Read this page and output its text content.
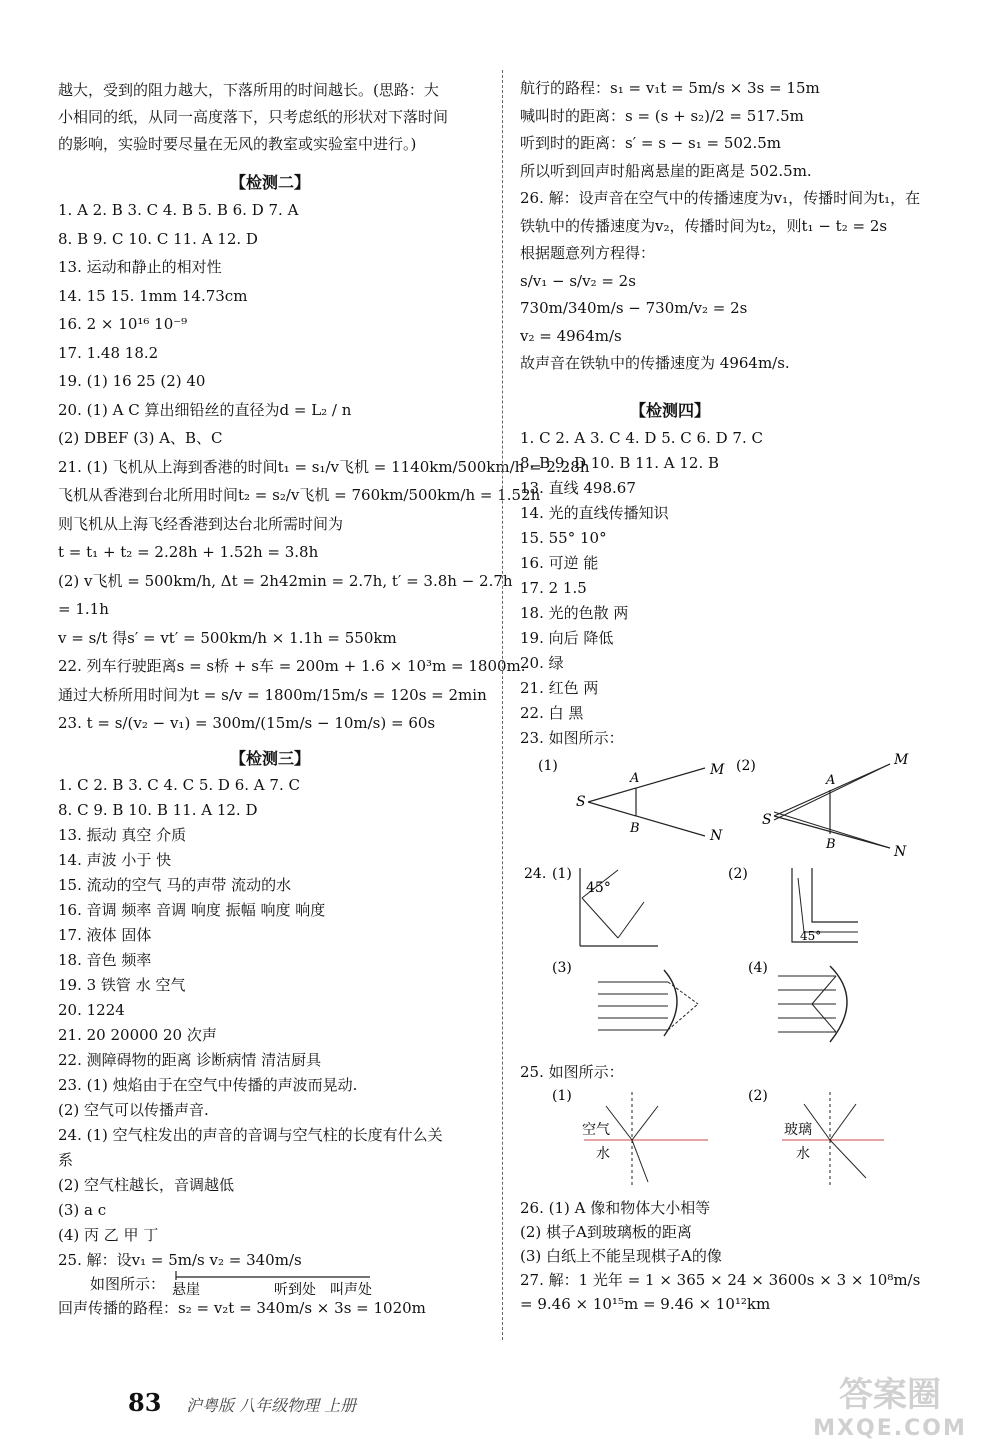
越大，受到的阻力越大，下落所用的时间越长。(思路：大
小相同的纸，从同一高度落下，只考虑纸的形状对下落时间
的影响，实验时要尽量在无风的教室或实验室中进行。)
【检测二】
1. A 2. B 3. C 4. B 5. B 6. D 7. A
8. B 9. C 10. C 11. A 12. D
13. 运动和静止的相对性
14. 15 15. 1mm 14.73cm
16. 2 × 10¹⁶ 10⁻⁹
17. 1.48 18.2
19. (1) 16 25 (2) 40
20. (1) A C 算出细铅丝的直径为d = L₂ / n
(2) DBEF (3) A、B、C
21. (1) 飞机从上海到香港的时间t₁ = s₁/v飞机 = 1140km/500km/h = 2.28h
飞机从香港到台北所用时间t₂ = s₂/v飞机 = 760km/500km/h = 1.52h
则飞机从上海飞经香港到达台北所需时间为
t = t₁ + t₂ = 2.28h + 1.52h = 3.8h
(2) v飞机 = 500km/h, Δt = 2h42min = 2.7h, t′ = 3.8h − 2.7h
= 1.1h
v = s/t 得s′ = vt′ = 500km/h × 1.1h = 550km
22. 列车行驶距离s = s桥 + s车 = 200m + 1.6 × 10³m = 1800m.
通过大桥所用时间为t = s/v = 1800m/15m/s = 120s = 2min
23. t = s/(v₂ − v₁) = 300m/(15m/s − 10m/s) = 60s
【检测三】
1. C 2. B 3. C 4. C 5. D 6. A 7. C
8. C 9. B 10. B 11. A 12. D
13. 振动 真空 介质
14. 声波 小于 快
15. 流动的空气 马的声带 流动的水
16. 音调 频率 音调 响度 振幅 响度 响度
17. 液体 固体
18. 音色 频率
19. 3 铁管 水 空气
20. 1224
21. 20 20000 20 次声
22. 测障碍物的距离 诊断病情 清洁厨具
23. (1) 烛焰由于在空气中传播的声波而晃动.
(2) 空气可以传播声音.
24. (1) 空气柱发出的声音的音调与空气柱的长度有什么关
系
(2) 空气柱越长，音调越低
(3) a c
(4) 丙 乙 甲 丁
25. 解：设v₁ = 5m/s v₂ = 340m/s
如图所示： 悬崖	听到处 叫声处
回声传播的路程：s₂ = v₂t = 340m/s × 3s = 1020m
航行的路程：s₁ = v₁t = 5m/s × 3s = 15m
喊叫时的距离：s = (s + s₂)/2 = 517.5m
听到时的距离：s′ = s − s₁ = 502.5m
所以听到回声时船离悬崖的距离是 502.5m.
26. 解：设声音在空气中的传播速度为v₁，传播时间为t₁，在
铁轨中的传播速度为v₂，传播时间为t₂，则t₁ − t₂ = 2s
根据题意列方程得：
s/v₁ − s/v₂ = 2s
730m/340m/s − 730m/v₂ = 2s
v₂ = 4964m/s
故声音在铁轨中的传播速度为 4964m/s.
【检测四】
1. C 2. A 3. C 4. D 5. C 6. D 7. C
8. B 9. D 10. B 11. A 12. B
13. 直线 498.67
14. 光的直线传播知识
15. 55° 10°
16. 可逆 能
17. 2 1.5
18. 光的色散 两
19. 向后 降低
20. 绿
21. 红色 两
22. 白 黑
23. 如图所示：
(1)
S
A
B
M
N
(2)
S
A
B
M
N
24. (1)
45°
(2)
45°
(3)	(4)
25. 如图所示：
(1)
空气
水
(2)
玻璃
水
26. (1) A 像和物体大小相等
(2) 棋子A到玻璃板的距离
(3) 白纸上不能呈现棋子A的像
27. 解：1 光年 = 1 × 365 × 24 × 3600s × 3 × 10⁸m/s
= 9.46 × 10¹⁵m = 9.46 × 10¹²km
83 沪粤版 八年级物理 上册	答案圈
MXQE.COM
